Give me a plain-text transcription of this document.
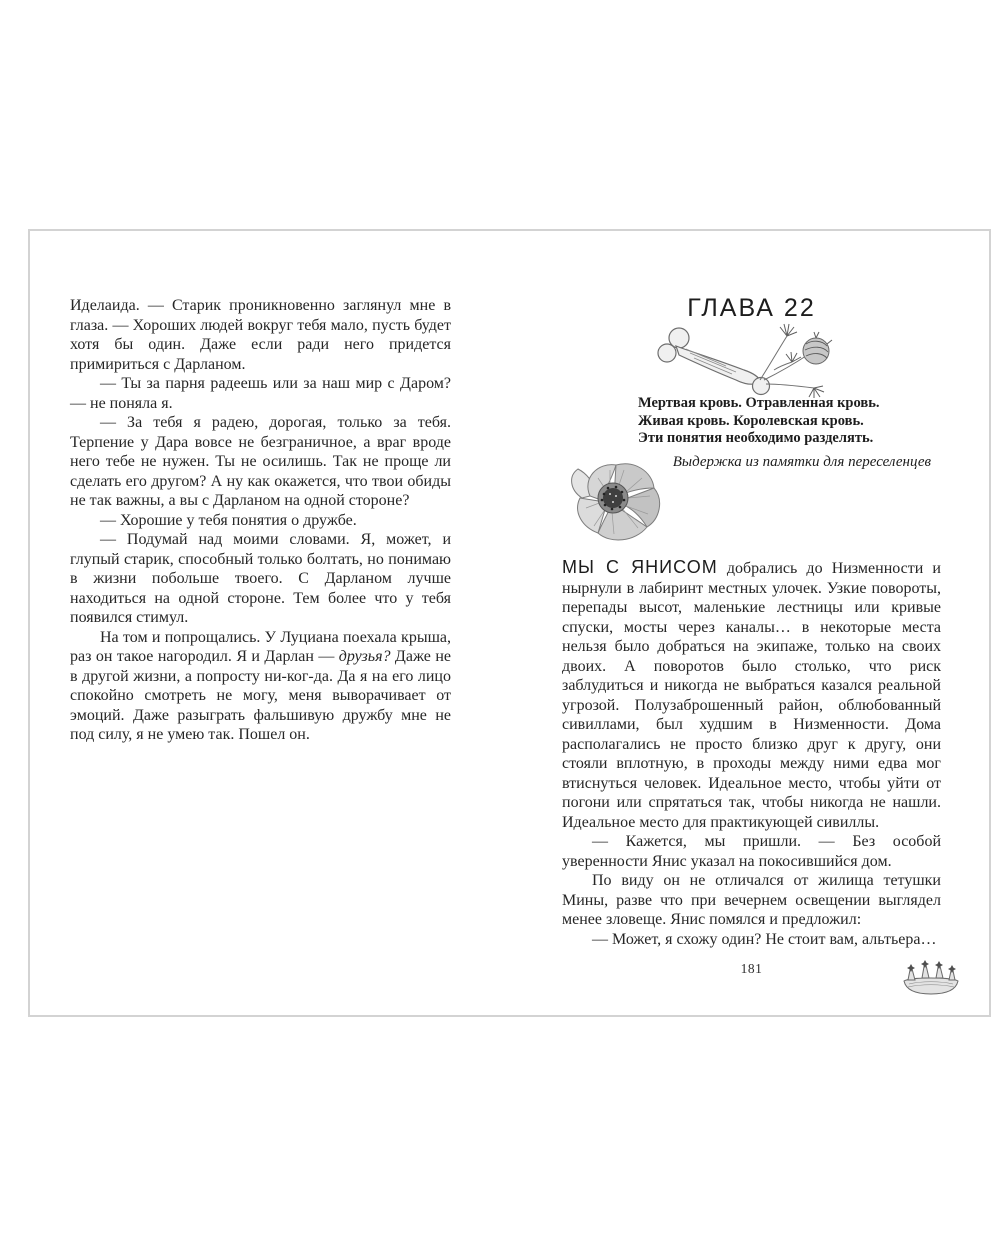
Иделаида. — Старик проникновенно заглянул мне в глаза. — Хороших людей вокруг тебя мало, пусть будет хотя бы один. Даже если ради него придется примириться с Дарланом.

— Ты за парня радеешь или за наш мир с Даром? — не поняла я.

— За тебя я радею, дорогая, только за тебя. Терпение у Дара вовсе не безграничное, а враг вроде него тебе не нужен. Ты не осилишь. Так не проще ли сделать его другом? А ну как окажется, что твои обиды не так важны, а вы с Дарланом на одной стороне?

— Хорошие у тебя понятия о дружбе.

— Подумай над моими словами. Я, может, и глупый старик, способный только болтать, но понимаю в жизни побольше твоего. С Дарланом лучше находиться на одной стороне. Тем более что у тебя появился стимул.

На том и попрощались. У Луциана поехала крыша, раз он такое нагородил. Я и Дарлан — друзья? Даже не в другой жизни, а попросту ни-ког-да. Да я на его лицо спокойно смотреть не могу, меня выворачивает от эмоций. Даже разыграть фальшивую дружбу мне не под силу, я не умею так. Пошел он.

ГЛАВА 22
Мертвая кровь. Отравленная кровь.
Живая кровь. Королевская кровь.
Эти понятия необходимо разделять.
Выдержка из памятки для переселенцев

МЫ С ЯНИСОМ добрались до Низменности и нырнули в лабиринт местных улочек. Узкие повороты, перепады высот, маленькие лестницы или кривые спуски, мосты через каналы… в некоторые места нельзя было добраться на экипаже, только на своих двоих. А поворотов было столько, что риск заблудиться и никогда не выбраться казался реальной угрозой. Полузаброшенный район, облюбованный сивиллами, был худшим в Низменности. Дома располагались не просто близко друг к другу, они стояли вплотную, в проходы между ними едва мог втиснуться человек. Идеальное место, чтобы уйти от погони или спрятаться так, чтобы никогда не нашли. Идеальное место для практикующей сивиллы.

— Кажется, мы пришли. — Без особой уверенности Янис указал на покосившийся дом.

По виду он не отличался от жилища тетушки Мины, разве что при вечернем освещении выглядел менее зловеще. Янис помялся и предложил:

— Может, я схожу один? Не стоит вам, альтьера…

181
